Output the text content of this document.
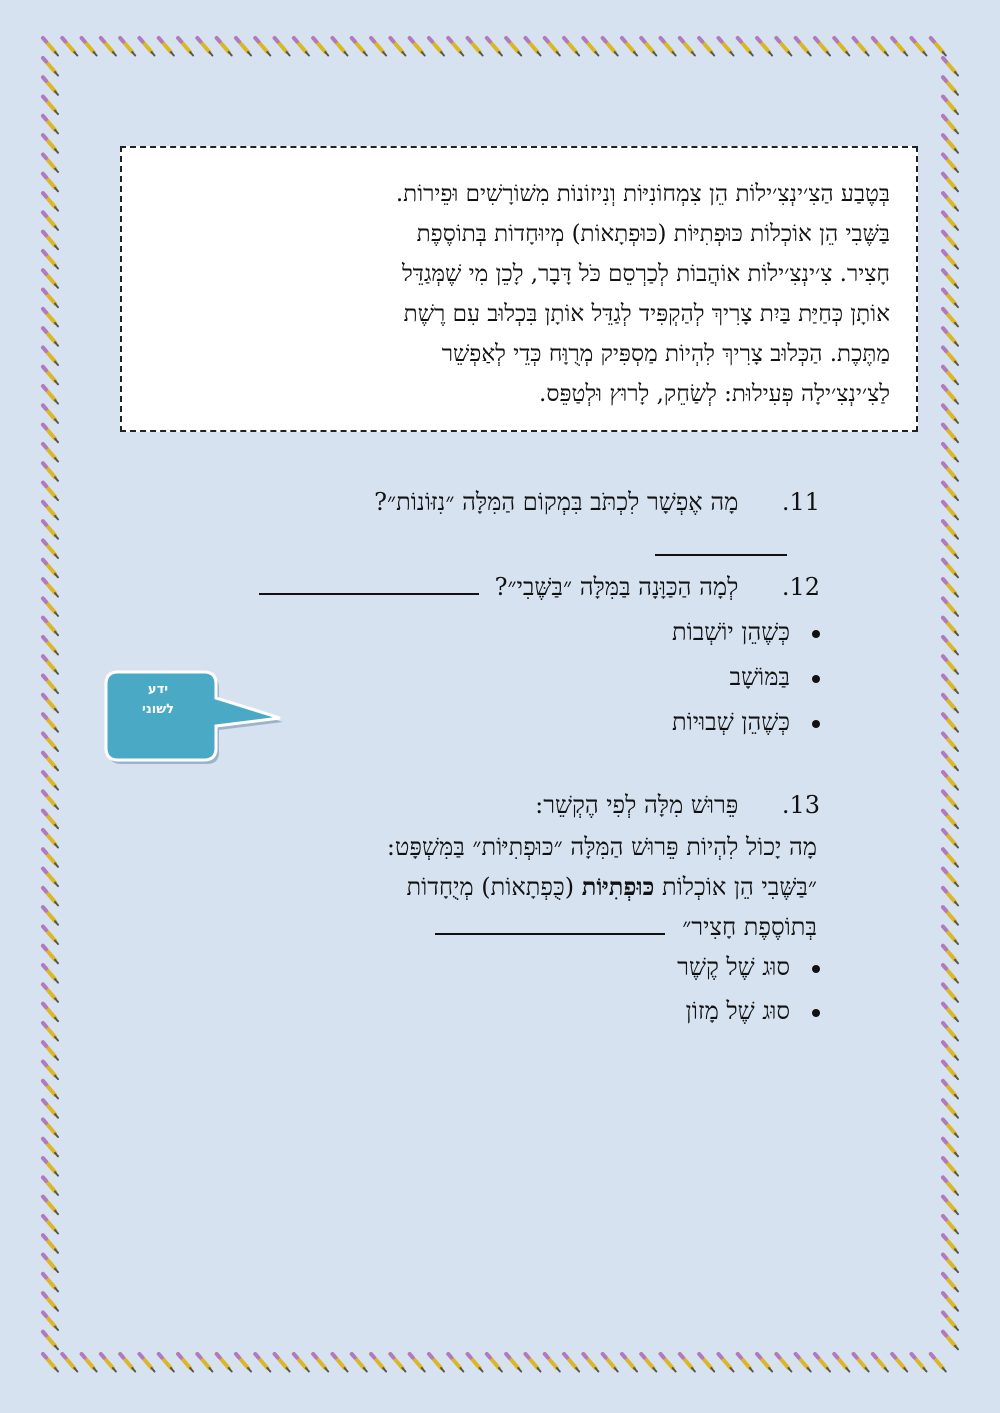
בְּטֶבַע הַצִ׳ינְצִ׳ילוֹת הֵן צִמְחוֹנִיּוֹת וְנִיזוֹנוֹת מִשׁוֹרָשִׁים וּפֵירוֹת.

בַּשֶּׁבִי הֵן אוֹכְלוֹת כּוּפְתִיּוֹת (כּוּפְתָאוֹת) מְיוּחָדוֹת בְּתוֹסֶפֶת

חָצִיר. צִ׳ינְצִ׳ילוֹת אוֹהֲבוֹת לְכַרְסֵם כֹּל דָּבָר, לָכֵן מִי שֶׁמְּגַדֵּל

אוֹתָן כְּחַיַּת בַּיִת צָרִיךְ לְהַקְפִּיד לְגַדֵּל אוֹתָן בִּכְלוּב עִם רֶשֶׁת

מַתֶּכֶת. הַכְּלוּב צָרִיךְ לִהְיוֹת מַסְפִּיק מְרֻוָּח כְּדֵי לְאַפְשֵׁר

לַצִ׳ינְצִ׳ילָה פְּעִילוּת: לְשַׂחֵק, לָרוּץ וּלְטַפֵּס.

11. מָה אֶפְשָׁר לִכְתֹּב בִּמְקוֹם הַמִּלָּה ״נִזּוֹנוֹת״?
12. לְמָה הַכַּוָּנָה בַּמִּלָּה ״בַּשֶּׁבִי״?
כְּשֶׁהֵן יוֹשְׁבוֹת
בַּמּוֹשָׁב
כְּשֶׁהֵן שְׁבוּיוֹת
ידע
לשוני
13. פֵּרוּשׁ מִלָּה לְפִי הֶקְשֵׁר:
מָה יָכוֹל לִהְיוֹת פֵּרוּשׁ הַמִּלָּה ״כּוּפְתִיּוֹת״ בַּמִּשְׁפָּט:
״בַּשֶּׁבִי הֵן אוֹכְלוֹת כּוּפְתִיּוֹת (כֻּפְתָאוֹת) מְיֻחָדוֹת
בְּתוֹסֶפֶת חָצִיר״
סוּג שֶׁל קֶשֶׁר
סוּג שֶׁל מָזוֹן
